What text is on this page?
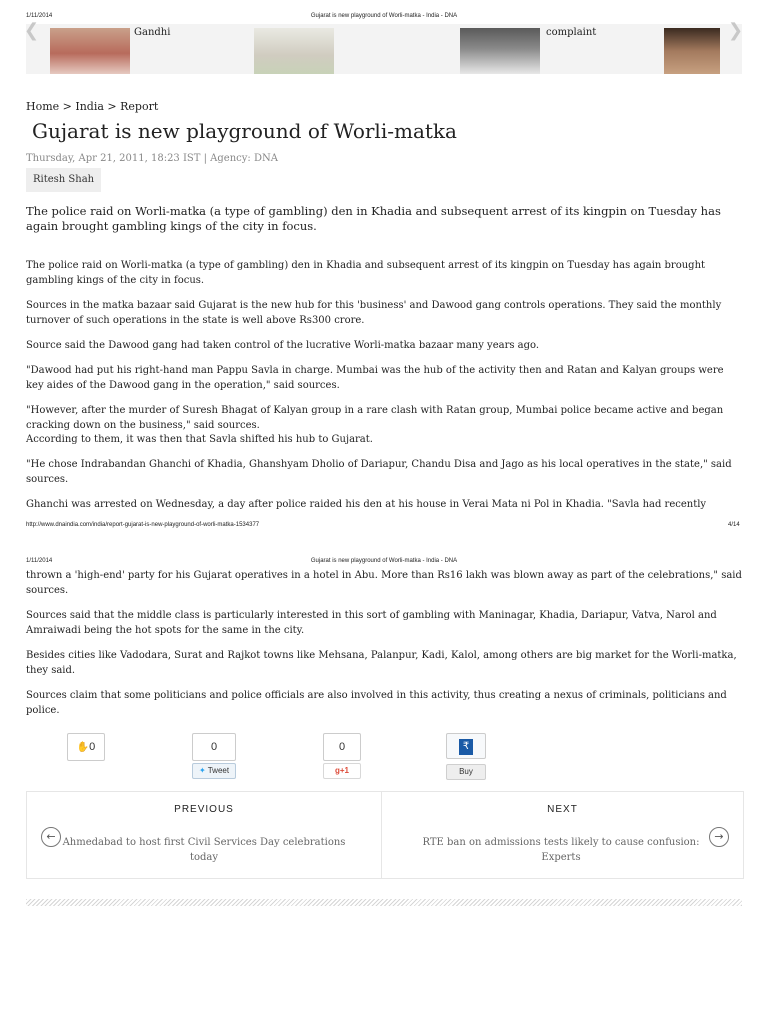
1/11/2014	Gujarat is new playground of Worli-matka - India - DNA
Gandhi	complaint
❮	❯
Home > India > Report
Gujarat is new playground of Worli-matka
Thursday, Apr 21, 2011, 18:23 IST | Agency: DNA
Ritesh Shah
The police raid on Worli-matka (a type of gambling) den in Khadia and subsequent arrest of its kingpin on Tuesday has again brought gambling kings of the city in focus.

The police raid on Worli-matka (a type of gambling) den in Khadia and subsequent arrest of its kingpin on Tuesday has again brought gambling kings of the city in focus.

Sources in the matka bazaar said Gujarat is the new hub for this 'business' and Dawood gang controls operations. They said the monthly turnover of such operations in the state is well above Rs300 crore.

Source said the Dawood gang had taken control of the lucrative Worli-matka bazaar many years ago.

"Dawood had put his right-hand man Pappu Savla in charge. Mumbai was the hub of the activity then and Ratan and Kalyan groups were key aides of the Dawood gang in the operation," said sources.

"However, after the murder of Suresh Bhagat of Kalyan group in a rare clash with Ratan group, Mumbai police became active and began cracking down on the business," said sources.

According to them, it was then that Savla shifted his hub to Gujarat.

"He chose Indrabandan Ghanchi of Khadia, Ghanshyam Dholio of Dariapur, Chandu Disa and Jago as his local operatives in the state," said sources.

Ghanchi was arrested on Wednesday, a day after police raided his den at his house in Verai Mata ni Pol in Khadia. "Savla had recently

http://www.dnaindia.com/india/report-gujarat-is-new-playground-of-worli-matka-1534377	4/14
1/11/2014	Gujarat is new playground of Worli-matka - India - DNA

thrown a 'high-end' party for his Gujarat operatives in a hotel in Abu. More than Rs16 lakh was blown away as part of the celebrations," said sources.

Sources said that the middle class is particularly interested in this sort of gambling with Maninagar, Khadia, Dariapur, Vatva, Narol and Amraiwadi being the hot spots for the same in the city.

Besides cities like Vadodara, Surat and Rajkot towns like Mehsana, Palanpur, Kadi, Kalol, among others are big market for the Worli-matka, they said.

Sources claim that some politicians and police officials are also involved in this activity, thus creating a nexus of criminals, politicians and police.

✋0	0
✦ Tweet
0
g+1
₹
Buy
PREVIOUS
← Ahmedabad to host first Civil Services Day celebrations today
NEXT
RTE ban on admissions tests likely to cause confusion: Experts
→
